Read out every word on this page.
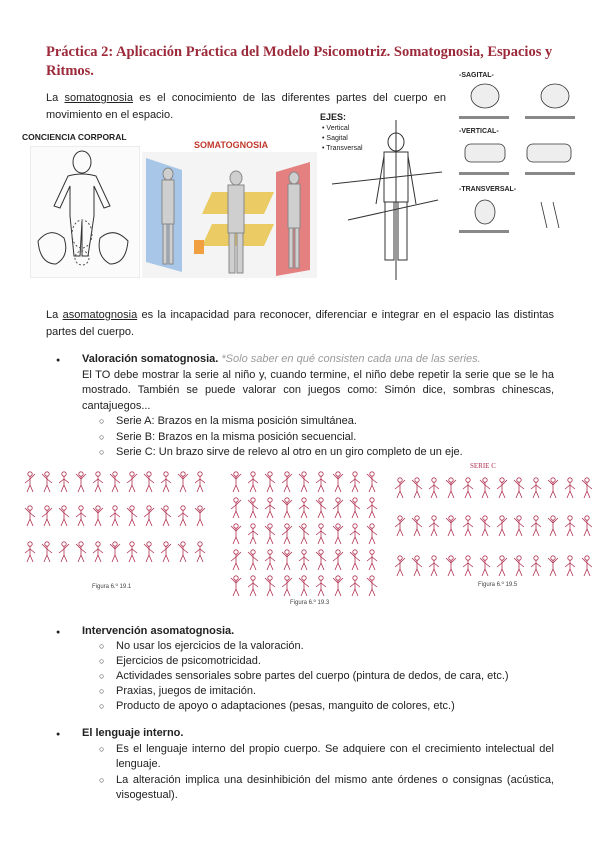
Práctica 2: Aplicación Práctica del Modelo Psicomotriz. Somatognosia, Espacios y Ritmos.

La somatognosia es el conocimiento de las diferentes partes del cuerpo en movimiento en el espacio.

CONCIENCIA CORPORAL
SOMATOGNOSIA
EJES:
• Vertical
• Sagital
• Transversal
-SAGITAL-
-VERTICAL-
-TRANSVERSAL-

La asomatognosia es la incapacidad para reconocer, diferenciar e integrar en el espacio las distintas partes del cuerpo.

● Valoración somatognosia. *Solo saber en qué consisten cada una de las series.
El TO debe mostrar la serie al niño y, cuando termine, el niño debe repetir la serie que se le ha mostrado. También se puede valorar con juegos como: Simón dice, sombras chinescas, cantajuegos...
○ Serie A: Brazos en la misma posición simultánea.
○ Serie B: Brazos en la misma posición secuencial.
○ Serie C: Un brazo sirve de relevo al otro en un giro completo de un eje.
SERIE C
Figura 6.º 19.1
Figura 6.º 19.3
Figura 6.º 19.5
● Intervención asomatognosia.
○ No usar los ejercicios de la valoración.
○ Ejercicios de psicomotricidad.
○ Actividades sensoriales sobre partes del cuerpo (pintura de dedos, de cara, etc.)
○ Praxias, juegos de imitación.
○ Producto de apoyo o adaptaciones (pesas, manguito de colores, etc.)
● El lenguaje interno.
○ Es el lenguaje interno del propio cuerpo. Se adquiere con el crecimiento intelectual del lenguaje.
○ La alteración implica una desinhibición del mismo ante órdenes o consignas (acústica, visogestual).
